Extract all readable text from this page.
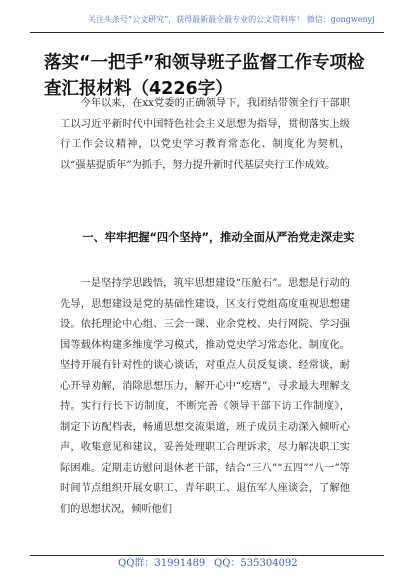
关注头条号“公文研究”，获得最新最全最专业的公文资料库！ 微信：gongwenyj
落实“一把手”和领导班子监督工作专项检查汇报材料（4226字）

今年以来，在xx党委的正确领导下，我团结带领全行干部职工以习近平新时代中国特色社会主义思想为指导，贯彻落实上级行工作会议精神，以党史学习教育常态化、制度化为契机，以“强基提质年”为抓手，努力提升新时代基层央行工作成效。

一、牢牢把握“四个坚持”，推动全面从严治党走深走实

一是坚持学思践悟，筑牢思想建设“压舱石”。思想是行动的先导，思想建设是党的基础性建设，区支行党组高度重视思想建设。依托理论中心组、三会一课、业余党校、央行网院、学习强国等载体构建多维度学习模式，推动党史学习常态化、制度化。坚持开展有针对性的谈心谈话，对重点人员反复谈、经常谈，耐心开导劝解，消除思想压力，解开心中“疙瘩”，寻求最大理解支持。实行行长下访制度，不断完善《领导干部下访工作制度》，制定下访配档表，畅通思想交流渠道，班子成员主动深入倾听心声，收集意见和建议，妥善处理职工合理诉求，尽力解决职工实际困难。定期走访慰问退休老干部，结合“三八”“五四”“八一”等时间节点组织开展女职工、青年职工、退伍军人座谈会，了解他们的思想状况，倾听他们

QQ群：31991489 QQ：535304092
